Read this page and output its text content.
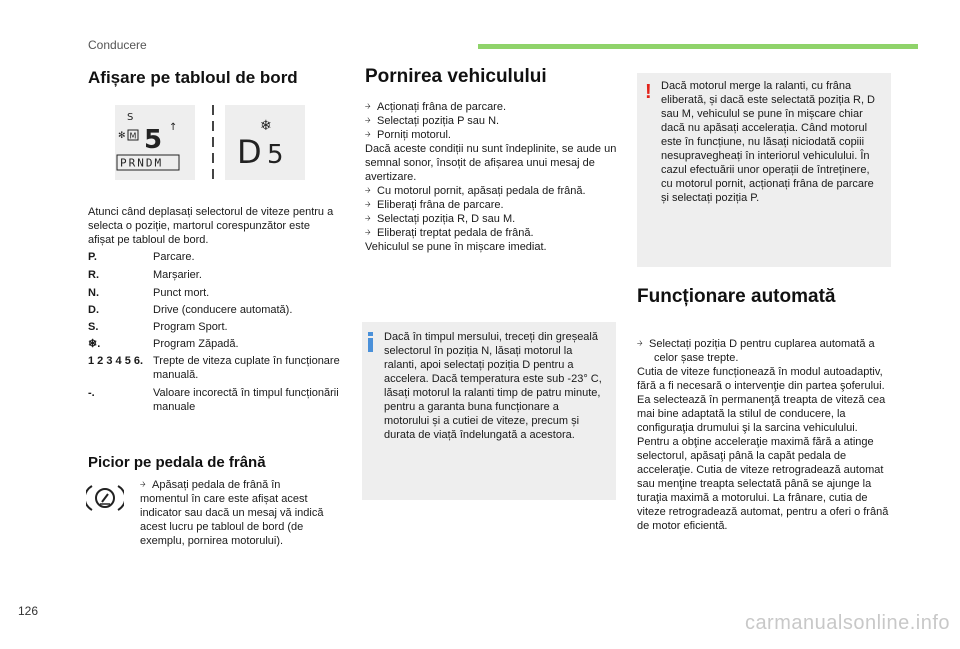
Conducere
Afișare pe tabloul de bord
S
✻ M 5 ↑
PRNDM
❄
D 5
Atunci când deplasați selectorul de viteze pentru a selecta o poziție, martorul corespunzător este afișat pe tabloul de bord.
P.	Parcare.
R.	Marșarier.
N.	Punct mort.
D.	Drive (conducere automată).
S.	Program Sport.
❄.	Program Zăpadă.
1 2 3 4 5 6. Trepte de viteza cuplate în funcționare manuală.
-.	Valoare incorectă în timpul funcționării manuale
Picior pe pedala de frână
￫ Apăsați pedala de frână în momentul în care este afișat acest indicator sau dacă un mesaj vă indică acest lucru pe tabloul de bord (de exemplu, pornirea motorului).
Pornirea vehiculului
￫ Acționați frâna de parcare.
￫ Selectați poziția P sau N.
￫ Porniți motorul.
Dacă aceste condiții nu sunt îndeplinite, se aude un semnal sonor, însoțit de afișarea unui mesaj de avertizare.
￫ Cu motorul pornit, apăsați pedala de frână.
￫ Eliberați frâna de parcare.
￫ Selectați poziția R, D sau M.
￫ Eliberați treptat pedala de frână.
Vehiculul se pune în mișcare imediat.
Dacă în timpul mersului, treceți din greșeală selectorul în poziția N, lăsați motorul la ralanti, apoi selectați poziția D pentru a accelera. Dacă temperatura este sub -23° C, lăsați motorul la ralanti timp de patru minute, pentru a garanta buna funcționare a motorului și a cutiei de viteze, precum și durata de viață îndelungată a acestora.
! Dacă motorul merge la ralanti, cu frâna eliberată, și dacă este selectată poziția R, D sau M, vehiculul se pune în mișcare chiar dacă nu apăsați accelerația. Când motorul este în funcțiune, nu lăsați niciodată copiii nesupravegheați în interiorul vehiculului. În cazul efectuării unor operații de întreținere, cu motorul pornit, acționați frâna de parcare și selectați poziția P.
Funcționare automată
￫ Selectați poziția D pentru cuplarea automată a celor șase trepte.
Cutia de viteze funcționează în modul autoadaptiv, fără a fi necesară o intervenţie din partea şoferului. Ea selectează în permanenţă treapta de viteză cea mai bine adaptată la stilul de conducere, la configuraţia drumului şi la sarcina vehiculului. Pentru a obţine acceleraţie maximă fără a atinge selectorul, apăsaţi până la capăt pedala de acceleraţie. Cutia de viteze retrogradează automat sau menţine treapta selectată până se ajunge la turaţia maximă a motorului. La frânare, cutia de viteze retrogradează automat, pentru a oferi o frână de motor eficientă.
126
carmanualsonline.info
